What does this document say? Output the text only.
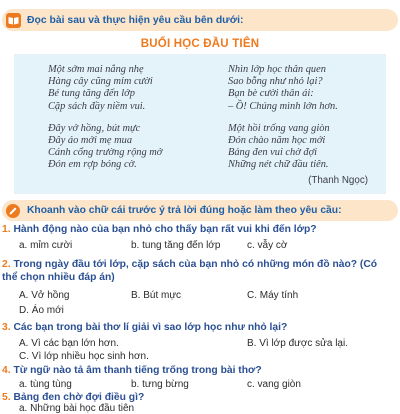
Đọc bài sau và thực hiện yêu cầu bên dưới:
BUỔI HỌC ĐẦU TIÊN
Một sớm mai nắng nhẹ
Hàng cây cũng mỉm cười
Bé tung tăng đến lớp
Cặp sách đầy niềm vui.
Đây vở hồng, bút mực
Đây áo mới mẹ mua
Cánh cổng trường rộng mở
Đón em rợp bóng cờ.
Nhìn lớp học thân quen
Sao bỗng như nhỏ lại?
Bạn bè cười thân ái:
– Ồ! Chúng mình lớn hơn.
Một hồi trống vang giòn
Đón chào năm học mới
Bảng đen vui chờ đợi
Những nét chữ đầu tiên.
(Thanh Ngọc)
Khoanh vào chữ cái trước ý trả lời đúng hoặc làm theo yêu cầu:
1. Hành động nào của bạn nhỏ cho thấy bạn rất vui khi đến lớp?
a. mỉm cười	b. tung tăng đến lớp	c. vẫy cờ
2. Trong ngày đầu tới lớp, cặp sách của bạn nhỏ có những món đồ nào? (Có thể chọn nhiều đáp án)
A. Vở hồng	B. Bút mực	C. Máy tính
D. Áo mới
3. Các bạn trong bài thơ lí giải vì sao lớp học như nhỏ lại?
A. Vì các bạn lớn hơn.	B. Vì lớp được sửa lại.
C. Vì lớp nhiều học sinh hơn.
4. Từ ngữ nào tả âm thanh tiếng trống trong bài thơ?
a. tùng tùng	b. tưng bừng	c. vang giòn
5. Bảng đen chờ đợi điều gì?
a. Những bài học đầu tiên
